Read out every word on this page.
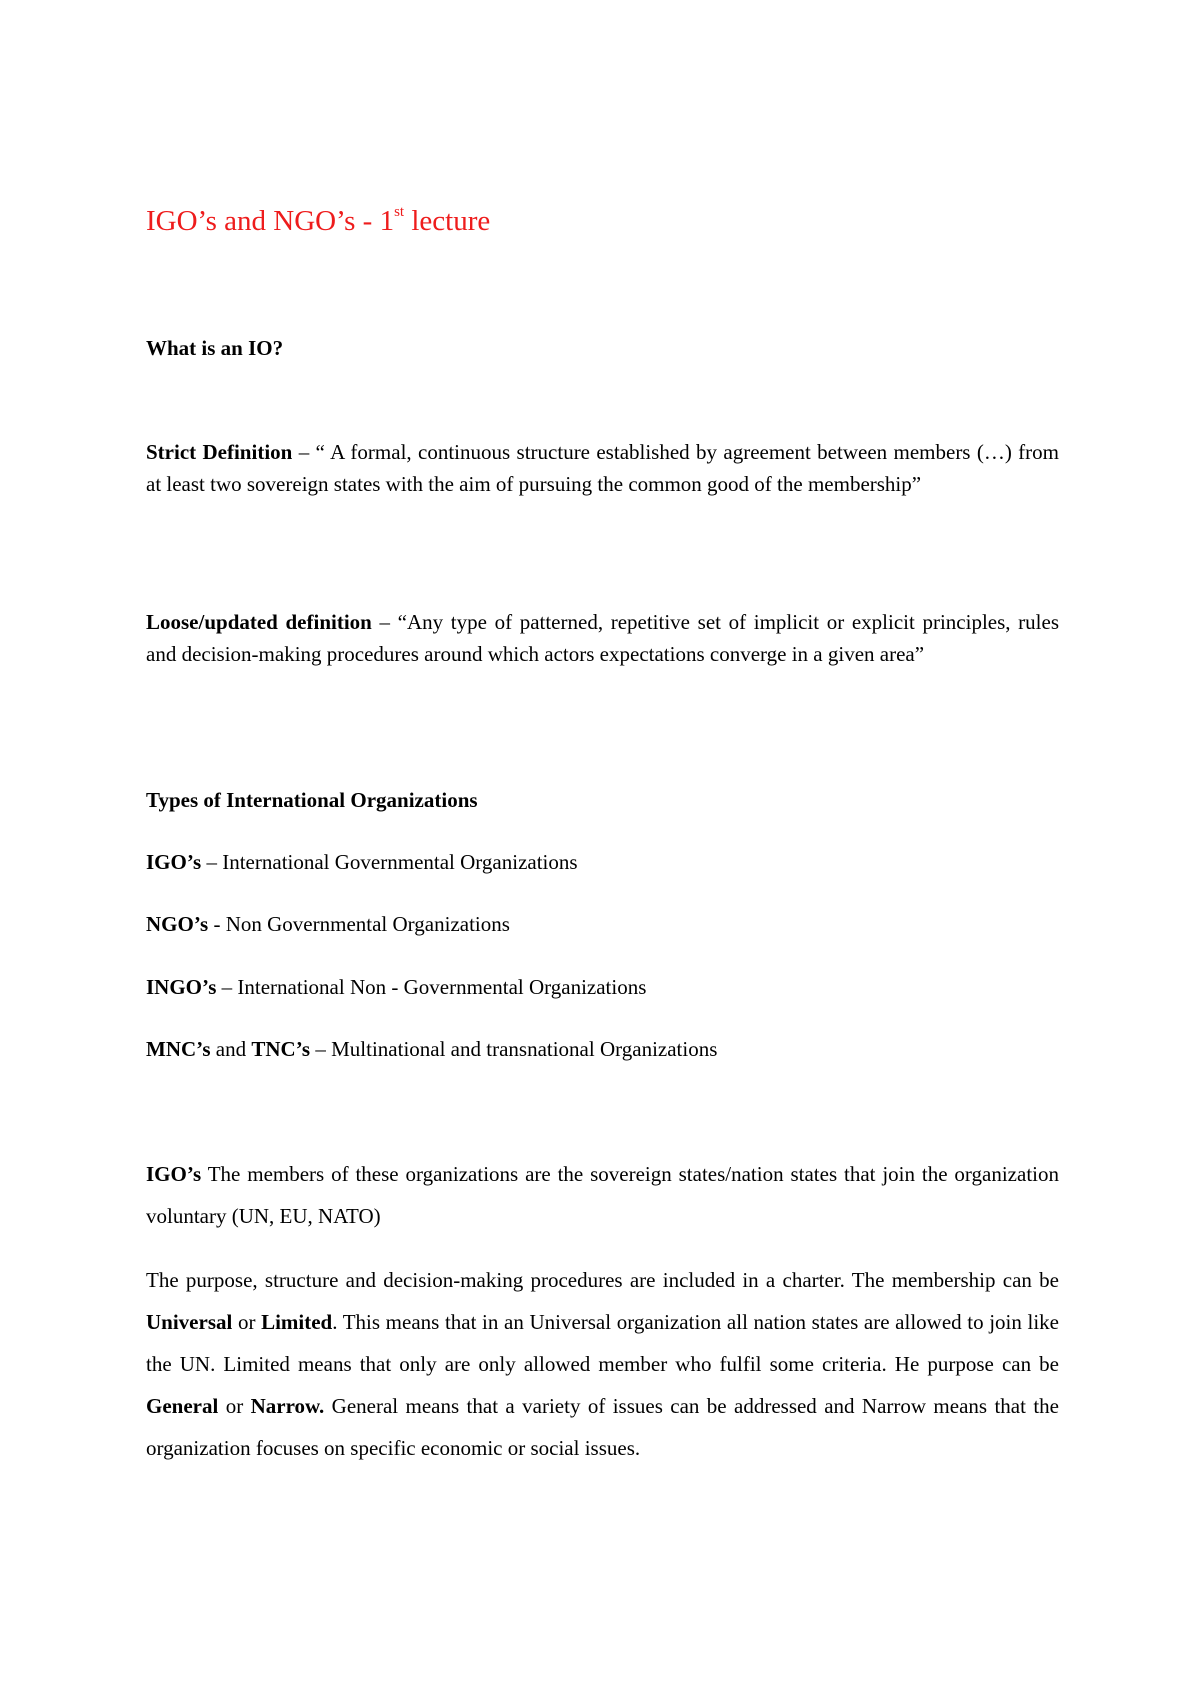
IGO’s and NGO’s - 1st lecture
What is an IO?
Strict Definition – “ A formal, continuous structure established by agreement between members (…) from at least two sovereign states with the aim of pursuing the common good of the membership”
Loose/updated definition – “Any type of patterned, repetitive set of implicit or explicit principles, rules and decision-making procedures around which actors expectations converge in a given area”
Types of International Organizations
IGO’s – International Governmental Organizations
NGO’s - Non Governmental Organizations
INGO’s – International Non - Governmental Organizations
MNC’s and TNC’s – Multinational and transnational Organizations
IGO’s The members of these organizations are the sovereign states/nation states that join the organization voluntary (UN, EU, NATO)
The purpose, structure and decision-making procedures are included in a charter. The membership can be Universal or Limited. This means that in an Universal organization all nation states are allowed to join like the UN. Limited means that only are only allowed member who fulfil some criteria. He purpose can be General or Narrow. General means that a variety of issues can be addressed and Narrow means that the organization focuses on specific economic or social issues.
